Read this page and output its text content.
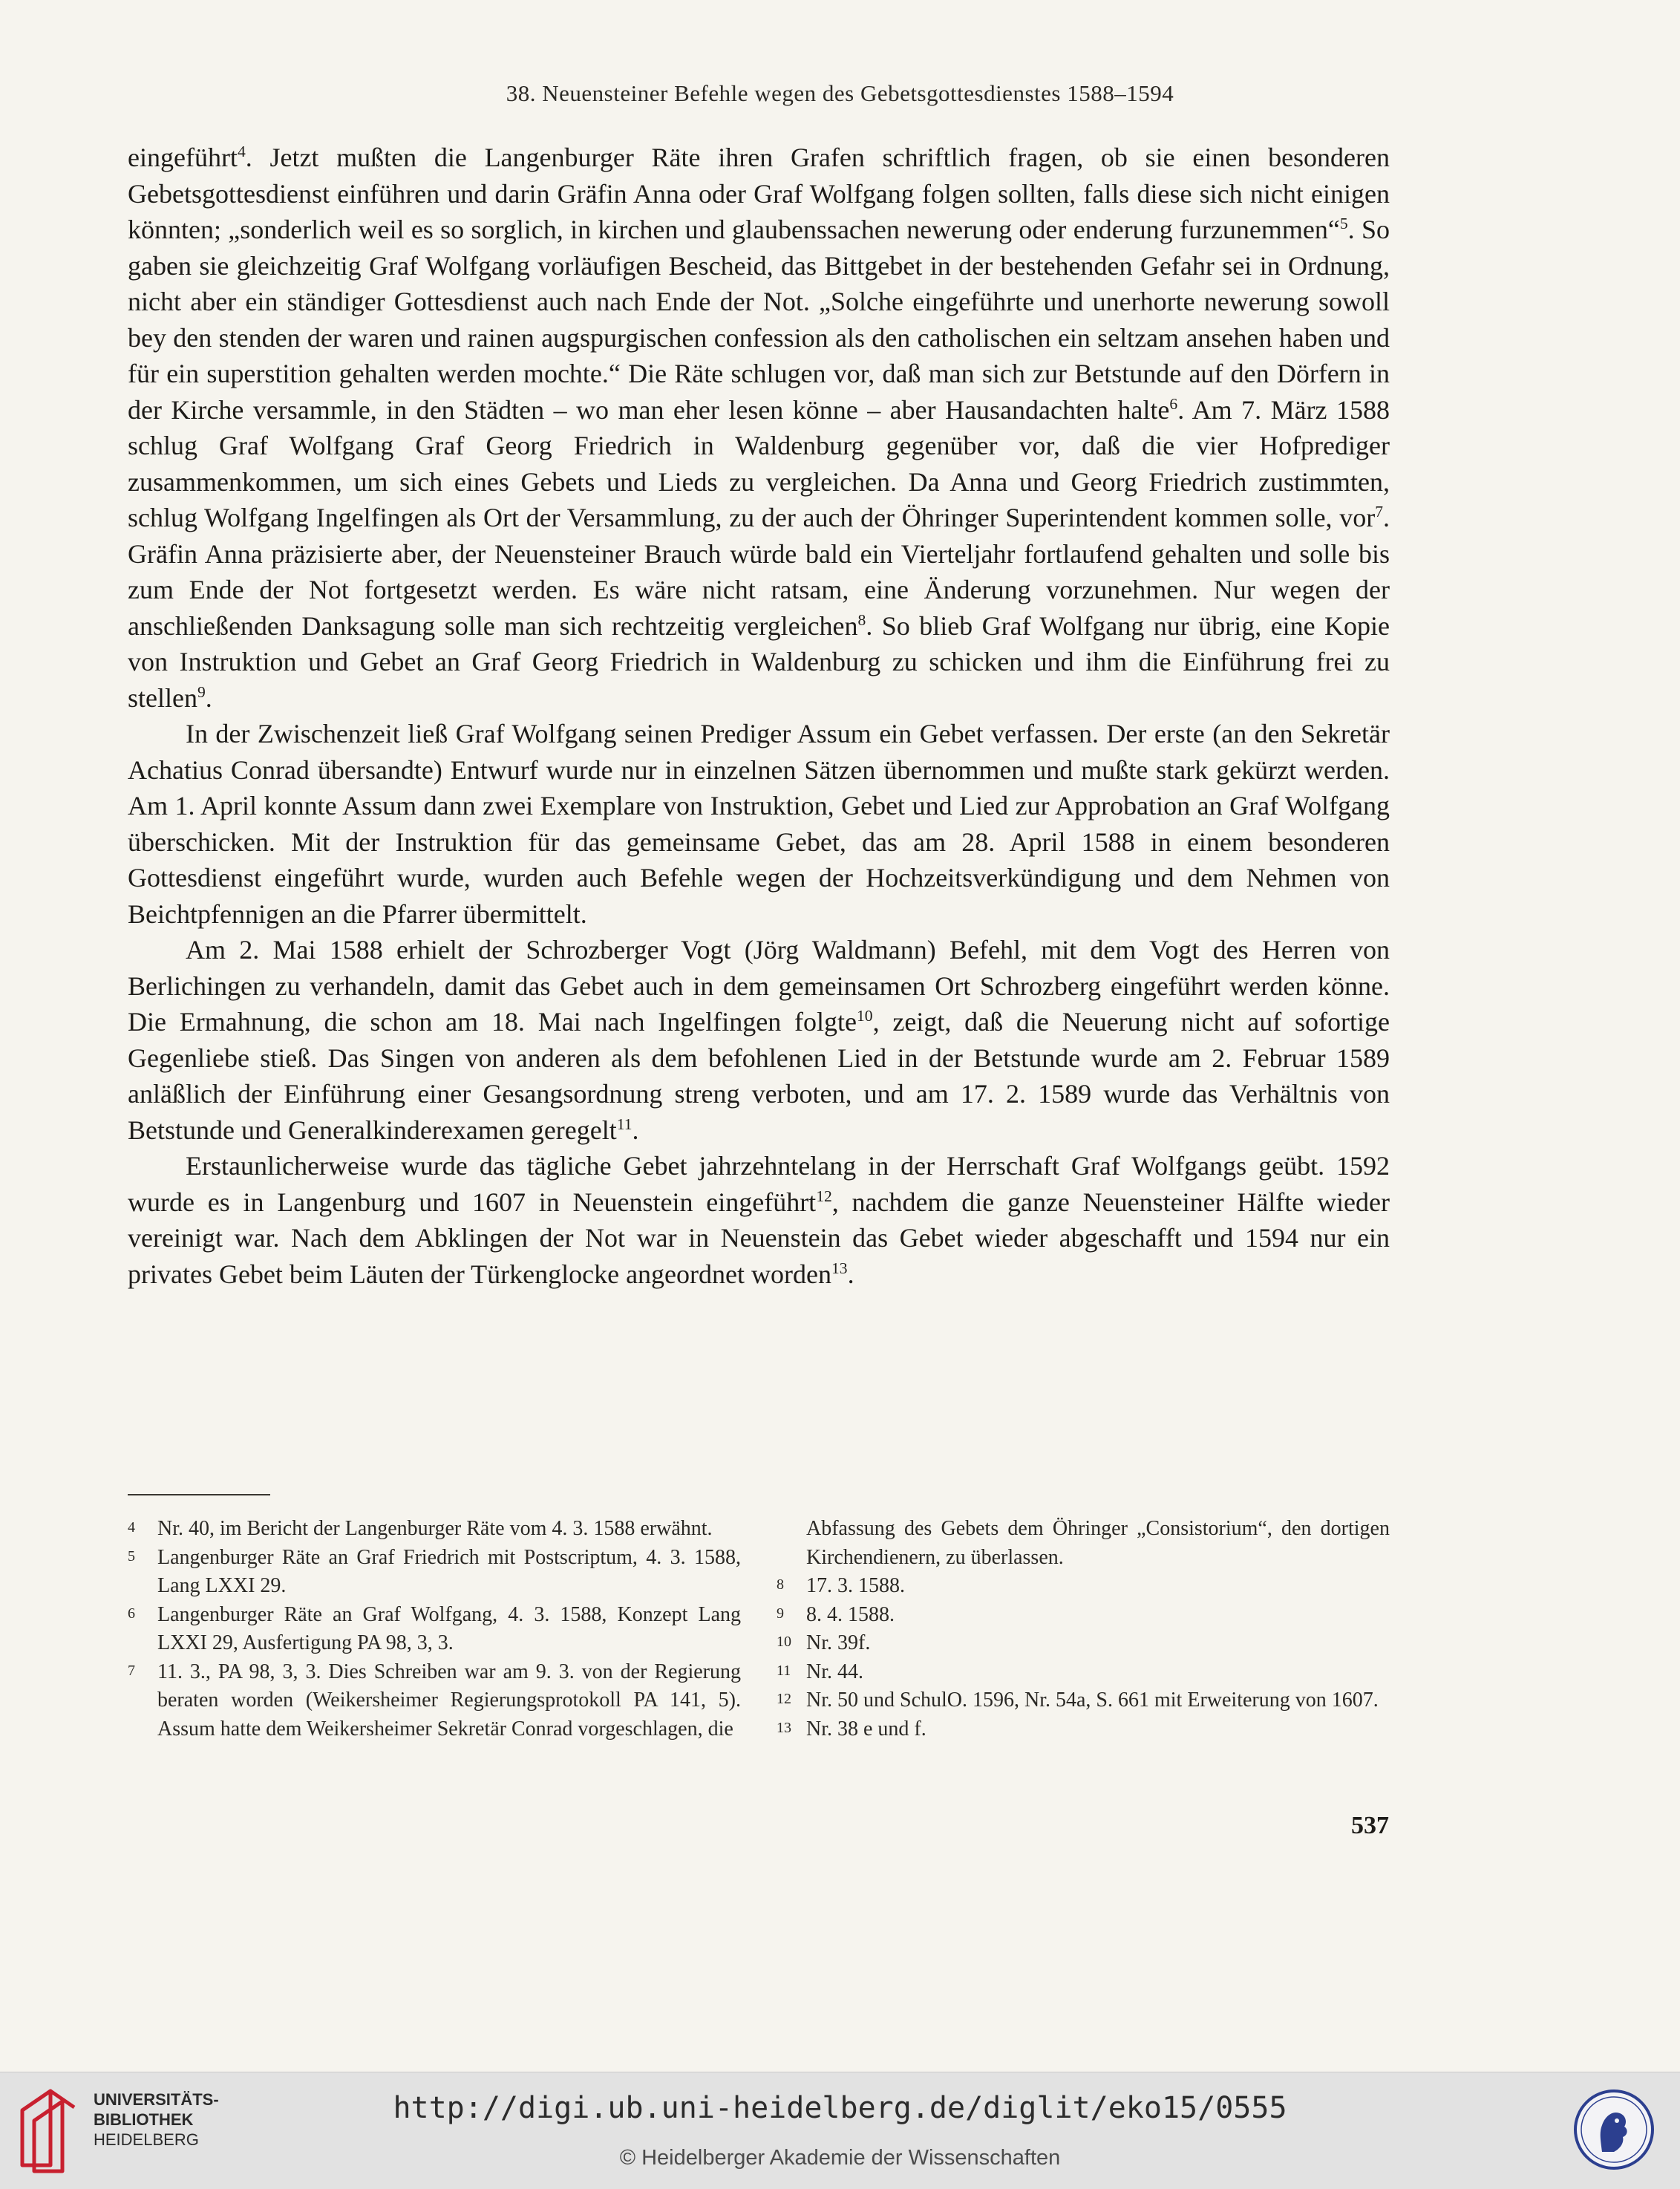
38. Neuensteiner Befehle wegen des Gebetsgottesdienstes 1588–1594

eingeführt$^4$. Jetzt mußten die Langenburger Räte ihren Grafen schriftlich fragen, ob sie einen besonderen Gebetsgottesdienst einführen und darin Gräfin Anna oder Graf Wolfgang folgen sollten, falls diese sich nicht einigen könnten; „sonderlich weil es so sorglich, in kirchen und glaubenssachen newerung oder enderung furzunemmen“$^5$. So gaben sie gleichzeitig Graf Wolfgang vorläufigen Bescheid, das Bittgebet in der bestehenden Gefahr sei in Ordnung, nicht aber ein ständiger Gottesdienst auch nach Ende der Not. „Solche eingeführte und unerhorte newerung sowoll bey den stenden der waren und rainen augspurgischen confession als den catholischen ein seltzam ansehen haben und für ein superstition gehalten werden mochte.“ Die Räte schlugen vor, daß man sich zur Betstunde auf den Dörfern in der Kirche versammle, in den Städten – wo man eher lesen könne – aber Hausandachten halte$^6$. Am 7. März 1588 schlug Graf Wolfgang Graf Georg Friedrich in Waldenburg gegenüber vor, daß die vier Hofprediger zusammenkommen, um sich eines Gebets und Lieds zu vergleichen. Da Anna und Georg Friedrich zustimmten, schlug Wolfgang Ingelfingen als Ort der Versammlung, zu der auch der Öhringer Superintendent kommen solle, vor$^7$. Gräfin Anna präzisierte aber, der Neuensteiner Brauch würde bald ein Vierteljahr fortlaufend gehalten und solle bis zum Ende der Not fortgesetzt werden. Es wäre nicht ratsam, eine Änderung vorzunehmen. Nur wegen der anschließenden Danksagung solle man sich rechtzeitig vergleichen$^8$. So blieb Graf Wolfgang nur übrig, eine Kopie von Instruktion und Gebet an Graf Georg Friedrich in Waldenburg zu schicken und ihm die Einführung frei zu stellen$^9$.

In der Zwischenzeit ließ Graf Wolfgang seinen Prediger Assum ein Gebet verfassen. Der erste (an den Sekretär Achatius Conrad übersandte) Entwurf wurde nur in einzelnen Sätzen übernommen und mußte stark gekürzt werden. Am 1. April konnte Assum dann zwei Exemplare von Instruktion, Gebet und Lied zur Approbation an Graf Wolfgang überschicken. Mit der Instruktion für das gemeinsame Gebet, das am 28. April 1588 in einem besonderen Gottesdienst eingeführt wurde, wurden auch Befehle wegen der Hochzeitsverkündigung und dem Nehmen von Beichtpfennigen an die Pfarrer übermittelt.

Am 2. Mai 1588 erhielt der Schrozberger Vogt (Jörg Waldmann) Befehl, mit dem Vogt des Herren von Berlichingen zu verhandeln, damit das Gebet auch in dem gemeinsamen Ort Schrozberg eingeführt werden könne. Die Ermahnung, die schon am 18. Mai nach Ingelfingen folgte$^{10}$, zeigt, daß die Neuerung nicht auf sofortige Gegenliebe stieß. Das Singen von anderen als dem befohlenen Lied in der Betstunde wurde am 2. Februar 1589 anläßlich der Einführung einer Gesangsordnung streng verboten, und am 17. 2. 1589 wurde das Verhältnis von Betstunde und Generalkinderexamen geregelt$^{11}$.

Erstaunlicherweise wurde das tägliche Gebet jahrzehntelang in der Herrschaft Graf Wolfgangs geübt. 1592 wurde es in Langenburg und 1607 in Neuenstein eingeführt$^{12}$, nachdem die ganze Neuensteiner Hälfte wieder vereinigt war. Nach dem Abklingen der Not war in Neuenstein das Gebet wieder abgeschafft und 1594 nur ein privates Gebet beim Läuten der Türkenglocke angeordnet worden$^{13}$.

4	Nr. 40, im Bericht der Langenburger Räte vom 4. 3. 1588 erwähnt.
5	Langenburger Räte an Graf Friedrich mit Postscriptum, 4. 3. 1588, Lang LXXI 29.
6	Langenburger Räte an Graf Wolfgang, 4. 3. 1588, Konzept Lang LXXI 29, Ausfertigung PA 98, 3, 3.
7	11. 3., PA 98, 3, 3. Dies Schreiben war am 9. 3. von der Regierung beraten worden (Weikersheimer Regierungsprotokoll PA 141, 5). Assum hatte dem Weikersheimer Sekretär Conrad vorgeschlagen, die
Abfassung des Gebets dem Öhringer „Consistorium“, den dortigen Kirchendienern, zu überlassen.
8	17. 3. 1588.
9	8. 4. 1588.
10 Nr. 39f.
11 Nr. 44.
12 Nr. 50 und SchulO. 1596, Nr. 54a, S. 661 mit Erweiterung von 1607.
13 Nr. 38 e und f.
537
UNIVERSITÄTS-
BIBLIOTHEK
HEIDELBERG
http://digi.ub.uni-heidelberg.de/diglit/eko15/0555
© Heidelberger Akademie der Wissenschaften
